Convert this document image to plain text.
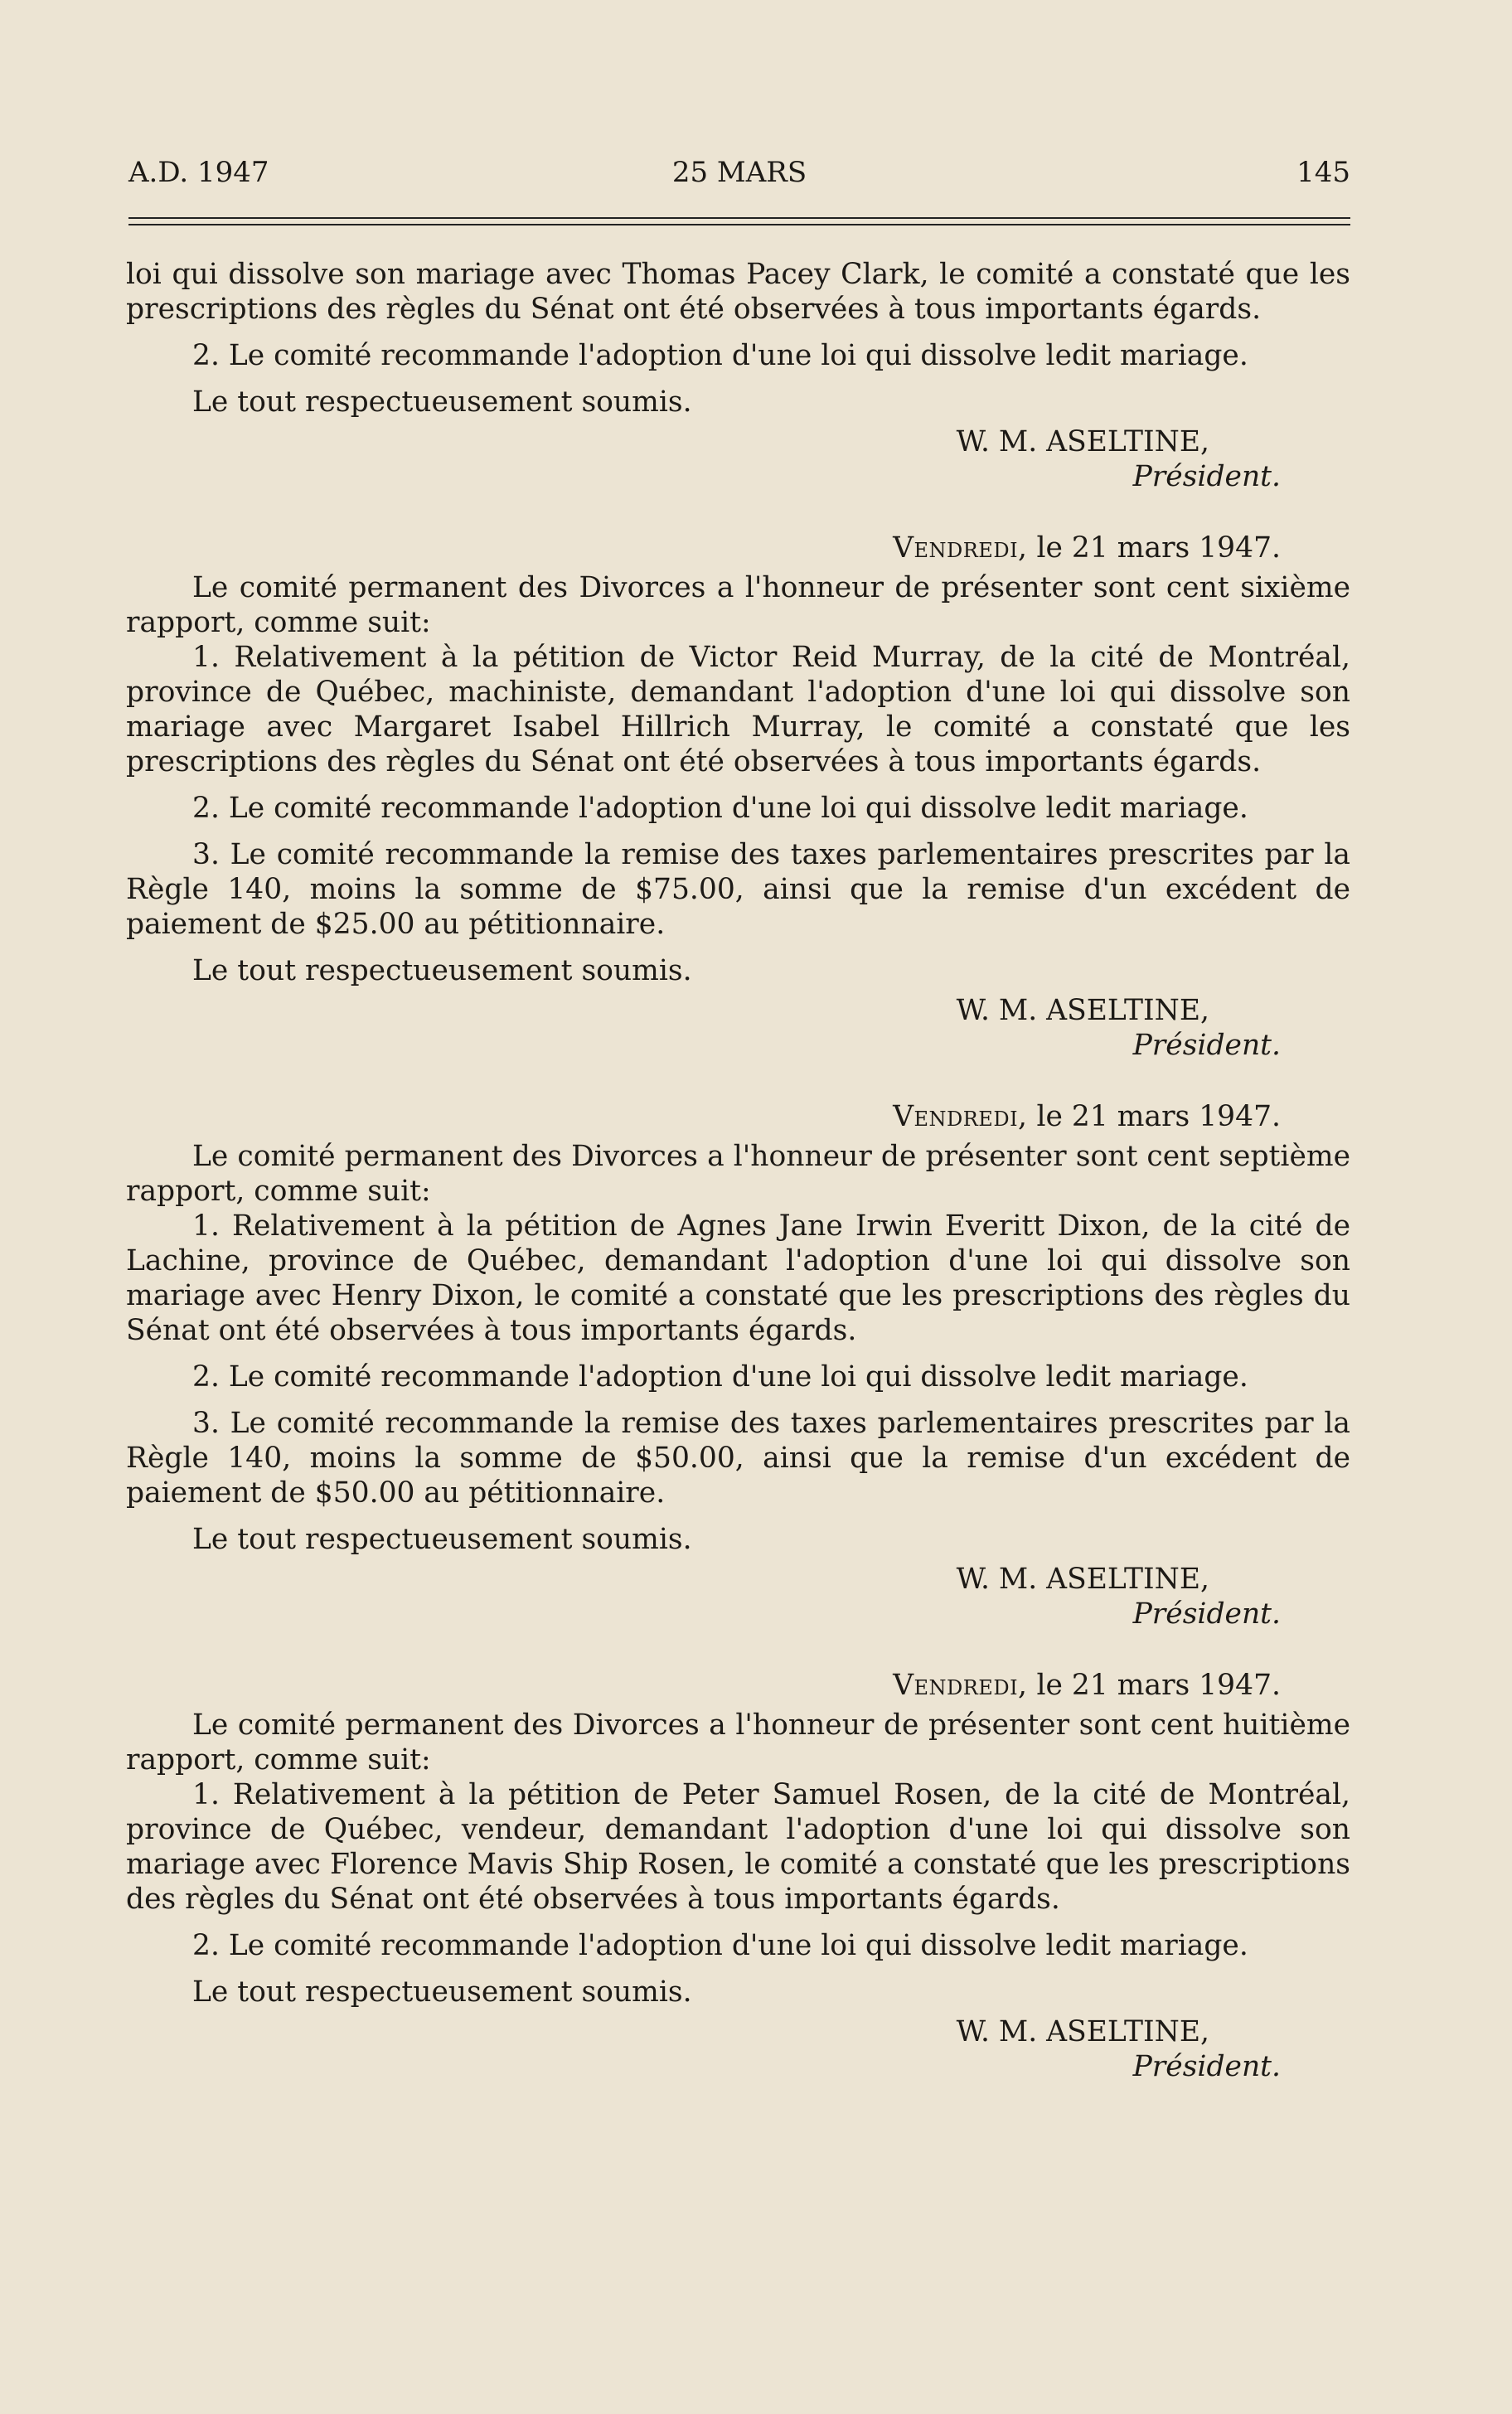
A.D. 1947	25 MARS	145

loi qui dissolve son mariage avec Thomas Pacey Clark, le comité a constaté que les prescriptions des règles du Sénat ont été observées à tous importants égards.

2. Le comité recommande l'adoption d'une loi qui dissolve ledit mariage.

Le tout respectueusement soumis.

W. M. ASELTINE,

Président.

Vendredi, le 21 mars 1947.

Le comité permanent des Divorces a l'honneur de présenter sont cent sixième rapport, comme suit:

1. Relativement à la pétition de Victor Reid Murray, de la cité de Montréal, province de Québec, machiniste, demandant l'adoption d'une loi qui dissolve son mariage avec Margaret Isabel Hillrich Murray, le comité a constaté que les prescriptions des règles du Sénat ont été observées à tous importants égards.

2. Le comité recommande l'adoption d'une loi qui dissolve ledit mariage.

3. Le comité recommande la remise des taxes parlementaires prescrites par la Règle 140, moins la somme de $75.00, ainsi que la remise d'un excédent de paiement de $25.00 au pétitionnaire.

Le tout respectueusement soumis.

W. M. ASELTINE,

Président.

Vendredi, le 21 mars 1947.

Le comité permanent des Divorces a l'honneur de présenter sont cent septième rapport, comme suit:

1. Relativement à la pétition de Agnes Jane Irwin Everitt Dixon, de la cité de Lachine, province de Québec, demandant l'adoption d'une loi qui dissolve son mariage avec Henry Dixon, le comité a constaté que les prescriptions des règles du Sénat ont été observées à tous importants égards.

2. Le comité recommande l'adoption d'une loi qui dissolve ledit mariage.

3. Le comité recommande la remise des taxes parlementaires prescrites par la Règle 140, moins la somme de $50.00, ainsi que la remise d'un excédent de paiement de $50.00 au pétitionnaire.

Le tout respectueusement soumis.

W. M. ASELTINE,

Président.

Vendredi, le 21 mars 1947.

Le comité permanent des Divorces a l'honneur de présenter sont cent huitième rapport, comme suit:

1. Relativement à la pétition de Peter Samuel Rosen, de la cité de Montréal, province de Québec, vendeur, demandant l'adoption d'une loi qui dissolve son mariage avec Florence Mavis Ship Rosen, le comité a constaté que les prescriptions des règles du Sénat ont été observées à tous importants égards.

2. Le comité recommande l'adoption d'une loi qui dissolve ledit mariage.

Le tout respectueusement soumis.

W. M. ASELTINE,

Président.
